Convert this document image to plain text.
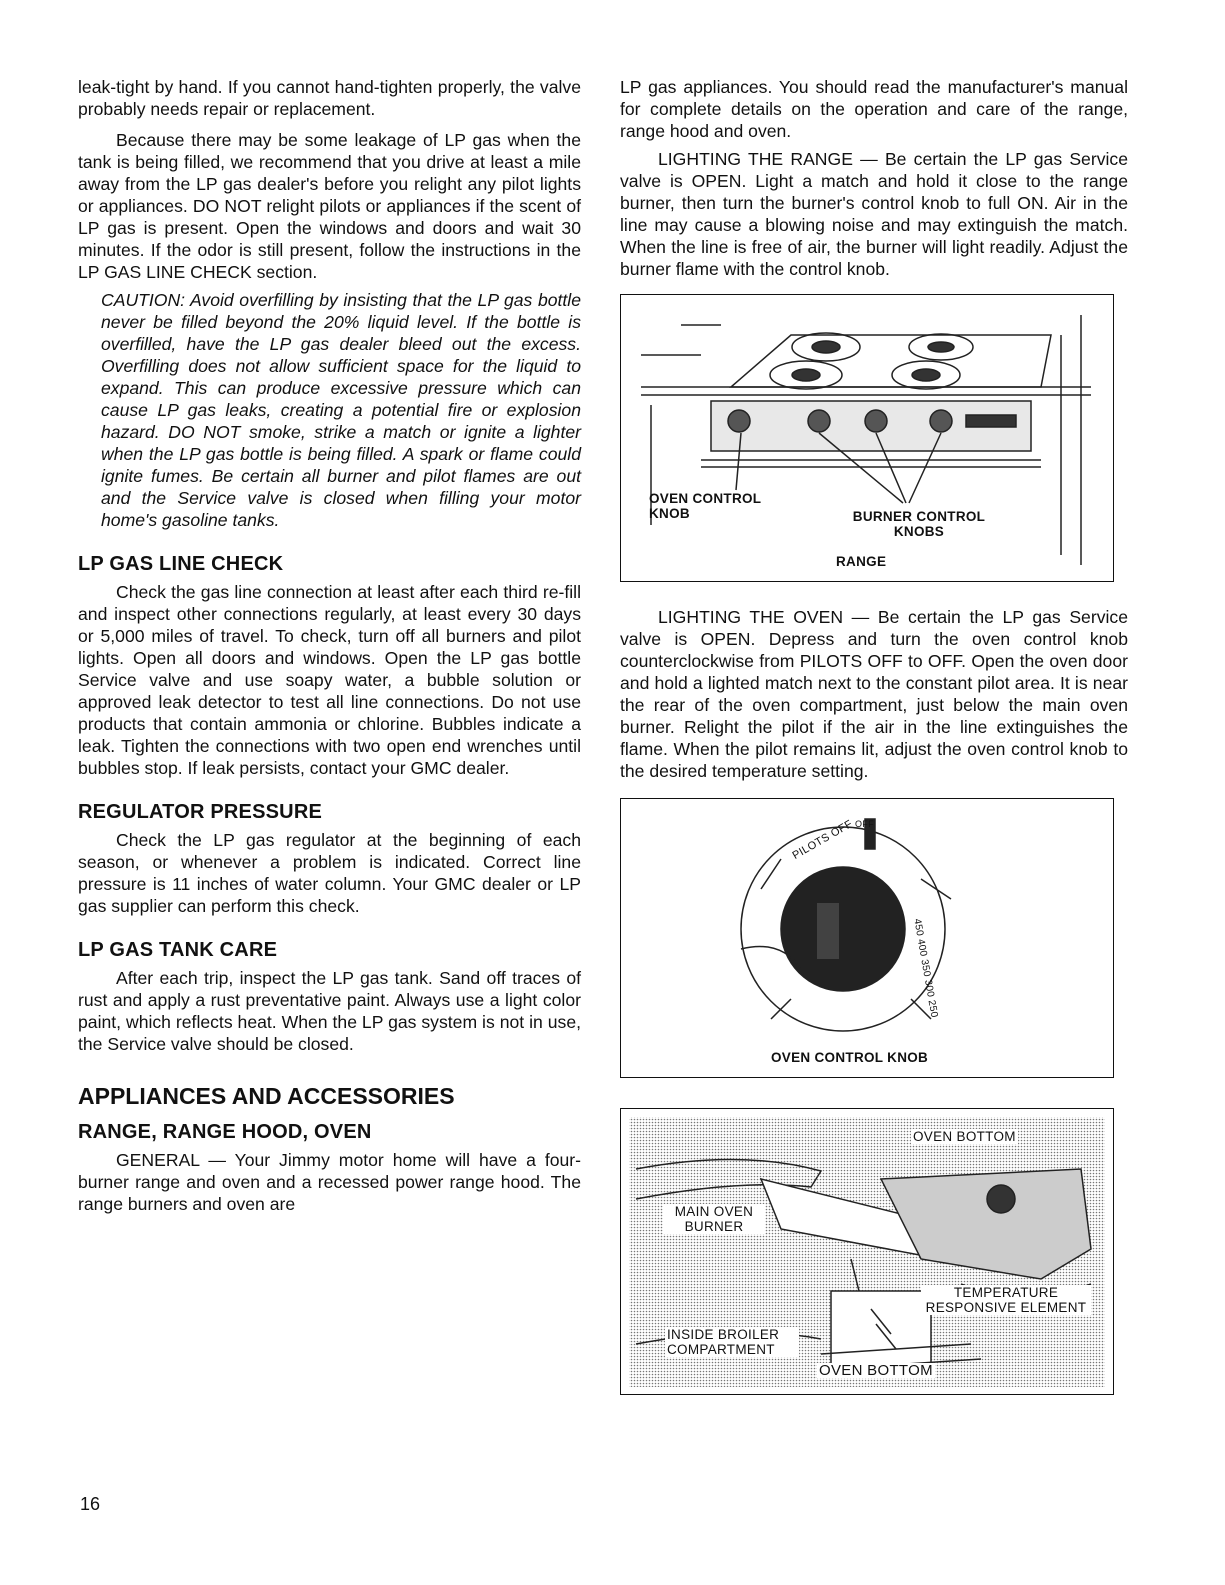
leak-tight by hand. If you cannot hand-tighten properly, the valve probably needs repair or replacement.

Because there may be some leakage of LP gas when the tank is being filled, we recommend that you drive at least a mile away from the LP gas dealer's before you relight any pilot lights or appliances. DO NOT relight pilots or appliances if the scent of LP gas is present. Open the windows and doors and wait 30 minutes. If the odor is still present, follow the instructions in the LP GAS LINE CHECK section.

CAUTION: Avoid overfilling by insisting that the LP gas bottle never be filled beyond the 20% liquid level. If the bottle is overfilled, have the LP gas dealer bleed out the excess. Overfilling does not allow sufficient space for the liquid to expand. This can produce excessive pressure which can cause LP gas leaks, creating a potential fire or explosion hazard. DO NOT smoke, strike a match or ignite a lighter when the LP gas bottle is being filled. A spark or flame could ignite fumes. Be certain all burner and pilot flames are out and the Service valve is closed when filling your motor home's gasoline tanks.

LP GAS LINE CHECK

Check the gas line connection at least after each third re-fill and inspect other connections regularly, at least every 30 days or 5,000 miles of travel. To check, turn off all burners and pilot lights. Open all doors and windows. Open the LP gas bottle Service valve and use soapy water, a bubble solution or approved leak detector to test all line connections. Do not use products that contain ammonia or chlorine. Bubbles indicate a leak. Tighten the connections with two open end wrenches until bubbles stop. If leak persists, contact your GMC dealer.

REGULATOR PRESSURE

Check the LP gas regulator at the beginning of each season, or whenever a problem is indicated. Correct line pressure is 11 inches of water column. Your GMC dealer or LP gas supplier can perform this check.

LP GAS TANK CARE

After each trip, inspect the LP gas tank. Sand off traces of rust and apply a rust preventative paint. Always use a light color paint, which reflects heat. When the LP gas system is not in use, the Service valve should be closed.

APPLIANCES AND ACCESSORIES
RANGE, RANGE HOOD, OVEN

GENERAL — Your Jimmy motor home will have a four-burner range and oven and a recessed power range hood. The range burners and oven are

LP gas appliances. You should read the manufacturer's manual for complete details on the operation and care of the range, range hood and oven.

LIGHTING THE RANGE — Be certain the LP gas Service valve is OPEN. Light a match and hold it close to the range burner, then turn the burner's control knob to full ON. Air in the line may cause a blowing noise and may extinguish the match. When the line is free of air, the burner will light readily. Adjust the burner flame with the control knob.

OVEN CONTROL KNOB	BURNER CONTROL KNOBS
RANGE

LIGHTING THE OVEN — Be certain the LP gas Service valve is OPEN. Depress and turn the oven control knob counterclockwise from PILOTS OFF to OFF. Open the oven door and hold a lighted match next to the constant pilot area. It is near the rear of the oven compartment, just below the main oven burner. Relight the pilot if the air in the line extinguishes the flame. When the pilot remains lit, adjust the oven control knob to the desired temperature setting.

PILOTS OFF OFF
450 400 350 300 250
OVEN CONTROL KNOB
OVEN BOTTOM
MAIN OVEN BURNER
TEMPERATURE RESPONSIVE ELEMENT
INSIDE BROILER COMPARTMENT
OVEN BOTTOM
16
